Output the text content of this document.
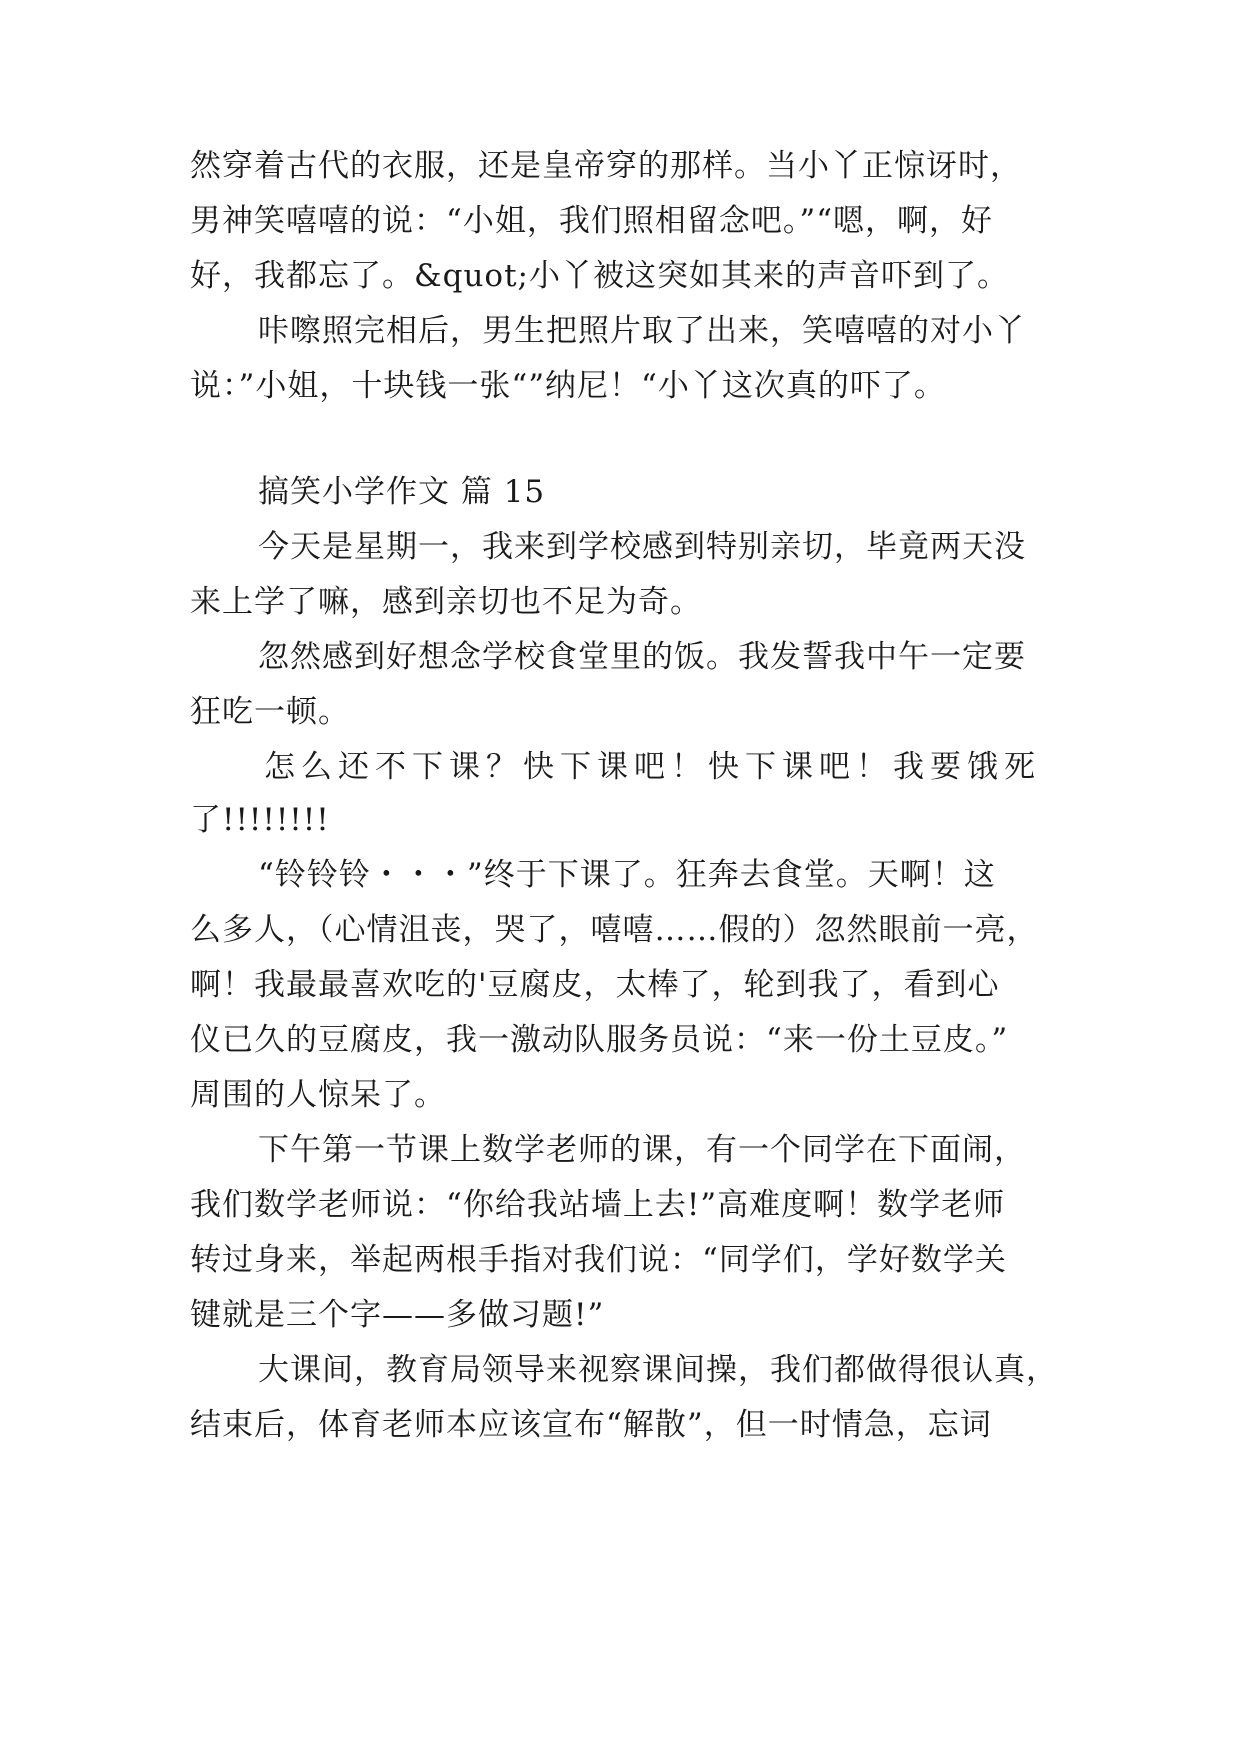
然穿着古代的衣服，还是皇帝穿的那样。当小丫正惊讶时，
男神笑嘻嘻的说：“小姐，我们照相留念吧。”“嗯，啊，好
好，我都忘了。&quot;小丫被这突如其来的声音吓到了。
咔嚓照完相后，男生把照片取了出来，笑嘻嘻的对小丫
说：”小姐，十块钱一张“”纳尼！“小丫这次真的吓了。
搞笑小学作文 篇 15
今天是星期一，我来到学校感到特别亲切，毕竟两天没
来上学了嘛，感到亲切也不足为奇。
忽然感到好想念学校食堂里的饭。我发誓我中午一定要
狂吃一顿。
怎么还不下课？快下课吧！快下课吧！我要饿死
了!!!!!!!!
“铃铃铃・・・”终于下课了。狂奔去食堂。天啊！这
么多人，（心情沮丧，哭了，嘻嘻……假的）忽然眼前一亮，
啊！我最最喜欢吃的'豆腐皮，太棒了，轮到我了，看到心
仪已久的豆腐皮，我一激动队服务员说：“来一份土豆皮。”
周围的人惊呆了。
下午第一节课上数学老师的课，有一个同学在下面闹，
我们数学老师说：“你给我站墙上去!”高难度啊！数学老师
转过身来，举起两根手指对我们说：“同学们，学好数学关
键就是三个字——多做习题!”
大课间，教育局领导来视察课间操，我们都做得很认真，
结束后，体育老师本应该宣布“解散”，但一时情急，忘词
